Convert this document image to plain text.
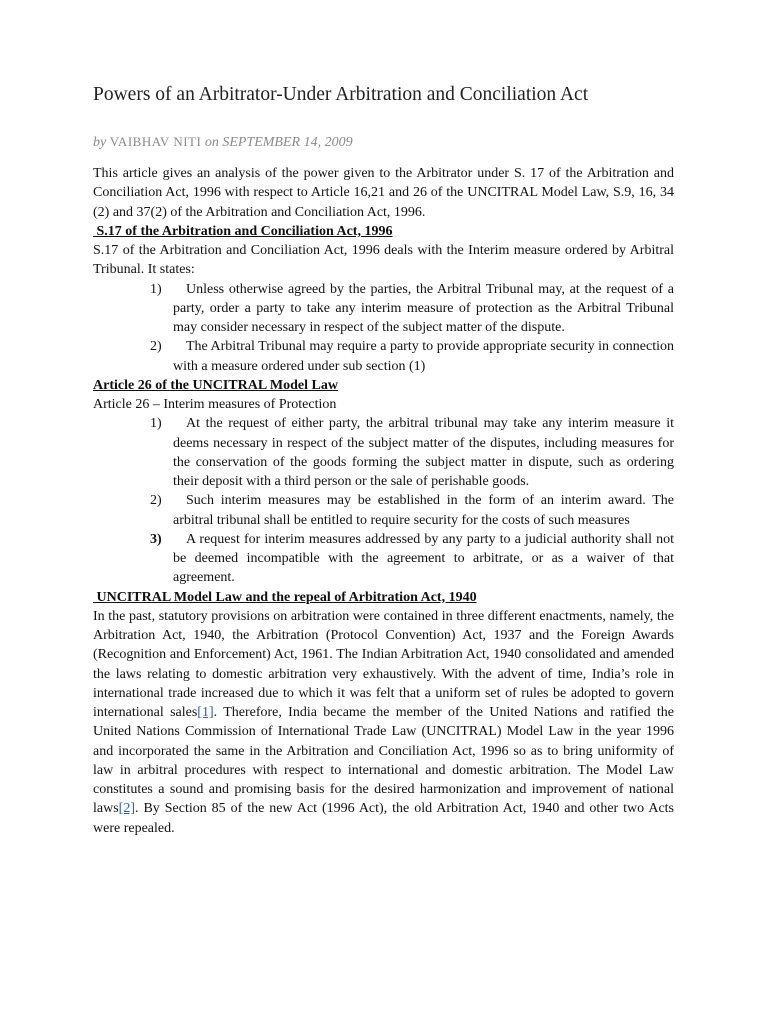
Powers of an Arbitrator-Under Arbitration and Conciliation Act
by VAIBHAV NITI on SEPTEMBER 14, 2009

This article gives an analysis of the power given to the Arbitrator under S. 17 of the Arbitration and Conciliation Act, 1996 with respect to Article 16,21 and 26 of the UNCITRAL Model Law, S.9, 16, 34 (2) and 37(2) of the Arbitration and Conciliation Act, 1996.

S.17 of the Arbitration and Conciliation Act, 1996

S.17 of the Arbitration and Conciliation Act, 1996 deals with the Interim measure ordered by Arbitral Tribunal. It states:

1)	Unless otherwise agreed by the parties, the Arbitral Tribunal may, at the request of a party, order a party to take any interim measure of protection as the Arbitral Tribunal may consider necessary in respect of the subject matter of the dispute.
2)	The Arbitral Tribunal may require a party to provide appropriate security in connection with a measure ordered under sub section (1)

Article 26 of the UNCITRAL Model Law

Article 26 – Interim measures of Protection

1)	At the request of either party, the arbitral tribunal may take any interim measure it deems necessary in respect of the subject matter of the disputes, including measures for the conservation of the goods forming the subject matter in dispute, such as ordering their deposit with a third person or the sale of perishable goods.
2)	Such interim measures may be established in the form of an interim award. The arbitral tribunal shall be entitled to require security for the costs of such measures
3)	A request for interim measures addressed by any party to a judicial authority shall not be deemed incompatible with the agreement to arbitrate, or as a waiver of that agreement.

UNCITRAL Model Law and the repeal of Arbitration Act, 1940

In the past, statutory provisions on arbitration were contained in three different enactments, namely, the Arbitration Act, 1940, the Arbitration (Protocol Convention) Act, 1937 and the Foreign Awards (Recognition and Enforcement) Act, 1961. The Indian Arbitration Act, 1940 consolidated and amended the laws relating to domestic arbitration very exhaustively. With the advent of time, India’s role in international trade increased due to which it was felt that a uniform set of rules be adopted to govern international sales[1]. Therefore, India became the member of the United Nations and ratified the United Nations Commission of International Trade Law (UNCITRAL) Model Law in the year 1996 and incorporated the same in the Arbitration and Conciliation Act, 1996 so as to bring uniformity of law in arbitral procedures with respect to international and domestic arbitration. The Model Law constitutes a sound and promising basis for the desired harmonization and improvement of national laws[2]. By Section 85 of the new Act (1996 Act), the old Arbitration Act, 1940 and other two Acts were repealed.
